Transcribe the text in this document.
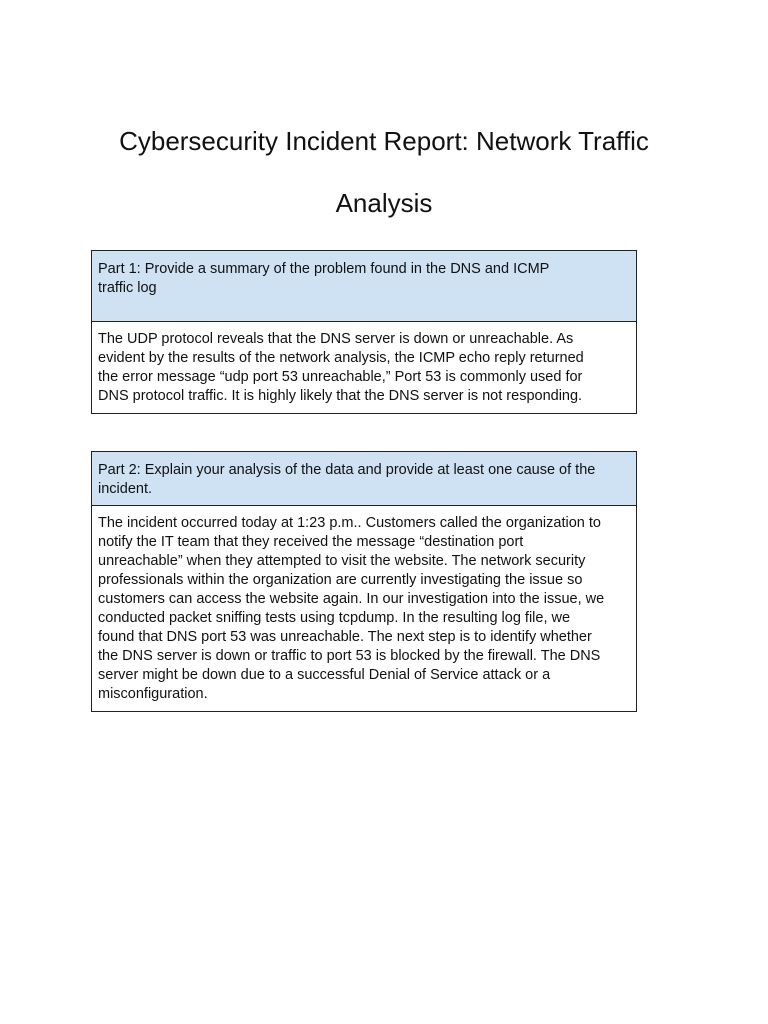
Cybersecurity Incident Report: Network Traffic
Analysis
Part 1: Provide a summary of the problem found in the DNS and ICMP
traffic log
The UDP protocol reveals that the DNS server is down or unreachable. As
evident by the results of the network analysis, the ICMP echo reply returned
the error message “udp port 53 unreachable,” Port 53 is commonly used for
DNS protocol traffic. It is highly likely that the DNS server is not responding.
Part 2: Explain your analysis of the data and provide at least one cause of the
incident.
The incident occurred today at 1:23 p.m.. Customers called the organization to
notify the IT team that they received the message “destination port
unreachable” when they attempted to visit the website. The network security
professionals within the organization are currently investigating the issue so
customers can access the website again. In our investigation into the issue, we
conducted packet sniffing tests using tcpdump. In the resulting log file, we
found that DNS port 53 was unreachable. The next step is to identify whether
the DNS server is down or traffic to port 53 is blocked by the firewall. The DNS
server might be down due to a successful Denial of Service attack or a
misconfiguration.
